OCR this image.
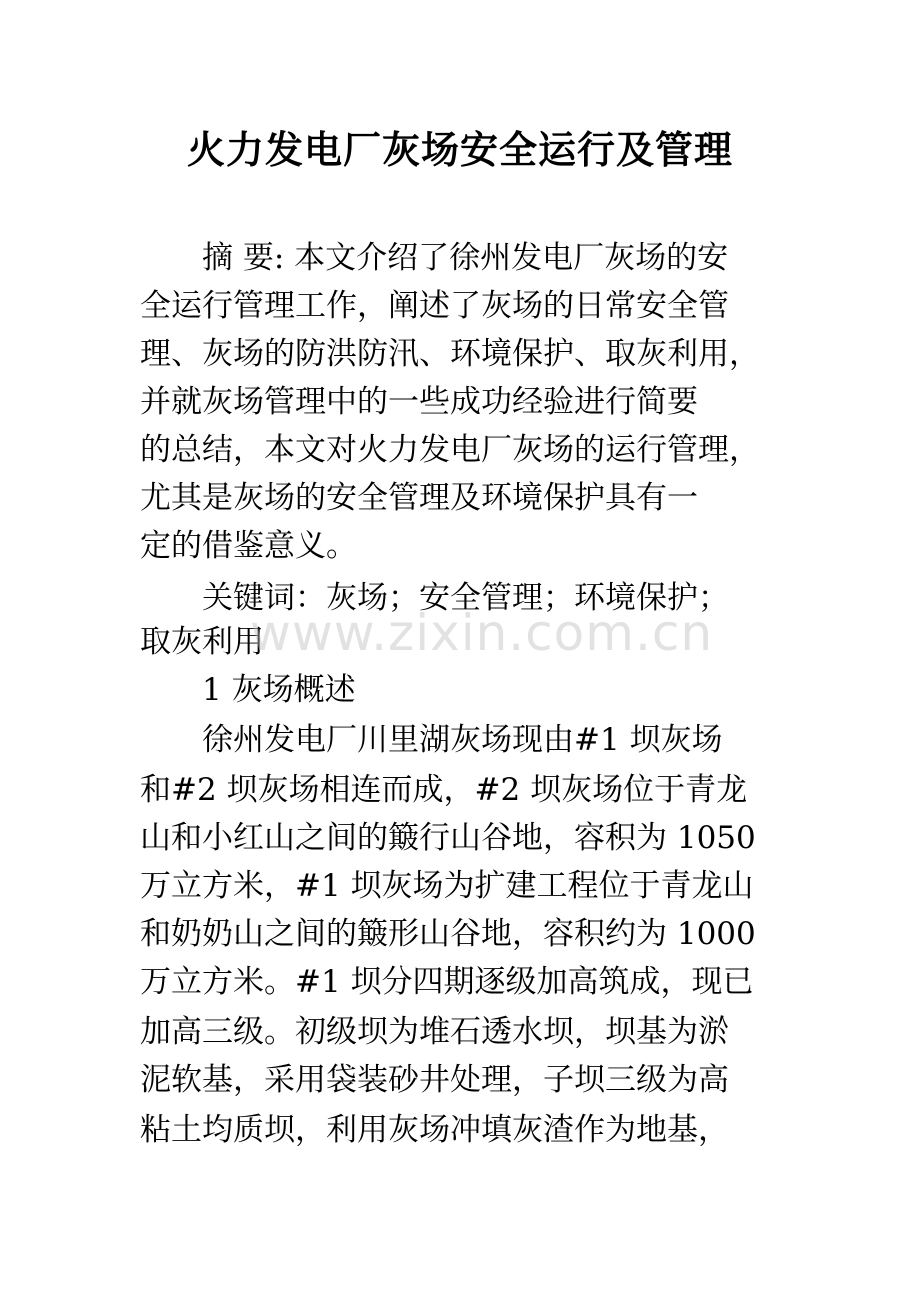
火力发电厂灰场安全运行及管理

　　摘 要: 本文介绍了徐州发电厂灰场的安

全运行管理工作，阐述了灰场的日常安全管

理、灰场的防洪防汛、环境保护、取灰利用，

并就灰场管理中的一些成功经验进行简要

的总结，本文对火力发电厂灰场的运行管理，

尤其是灰场的安全管理及环境保护具有一

定的借鉴意义。

　　关键词：灰场；安全管理；环境保护；

取灰利用

　　1 灰场概述

　　徐州发电厂川里湖灰场现由#1 坝灰场

和#2 坝灰场相连而成，#2 坝灰场位于青龙

山和小红山之间的簸行山谷地，容积为 1050

万立方米，#1 坝灰场为扩建工程位于青龙山

和奶奶山之间的簸形山谷地，容积约为 1000

万立方米。#1 坝分四期逐级加高筑成，现已

加高三级。初级坝为堆石透水坝，坝基为淤

泥软基，采用袋装砂井处理，子坝三级为高

粘土均质坝，利用灰场冲填灰渣作为地基，

www.zixin.com.cn
